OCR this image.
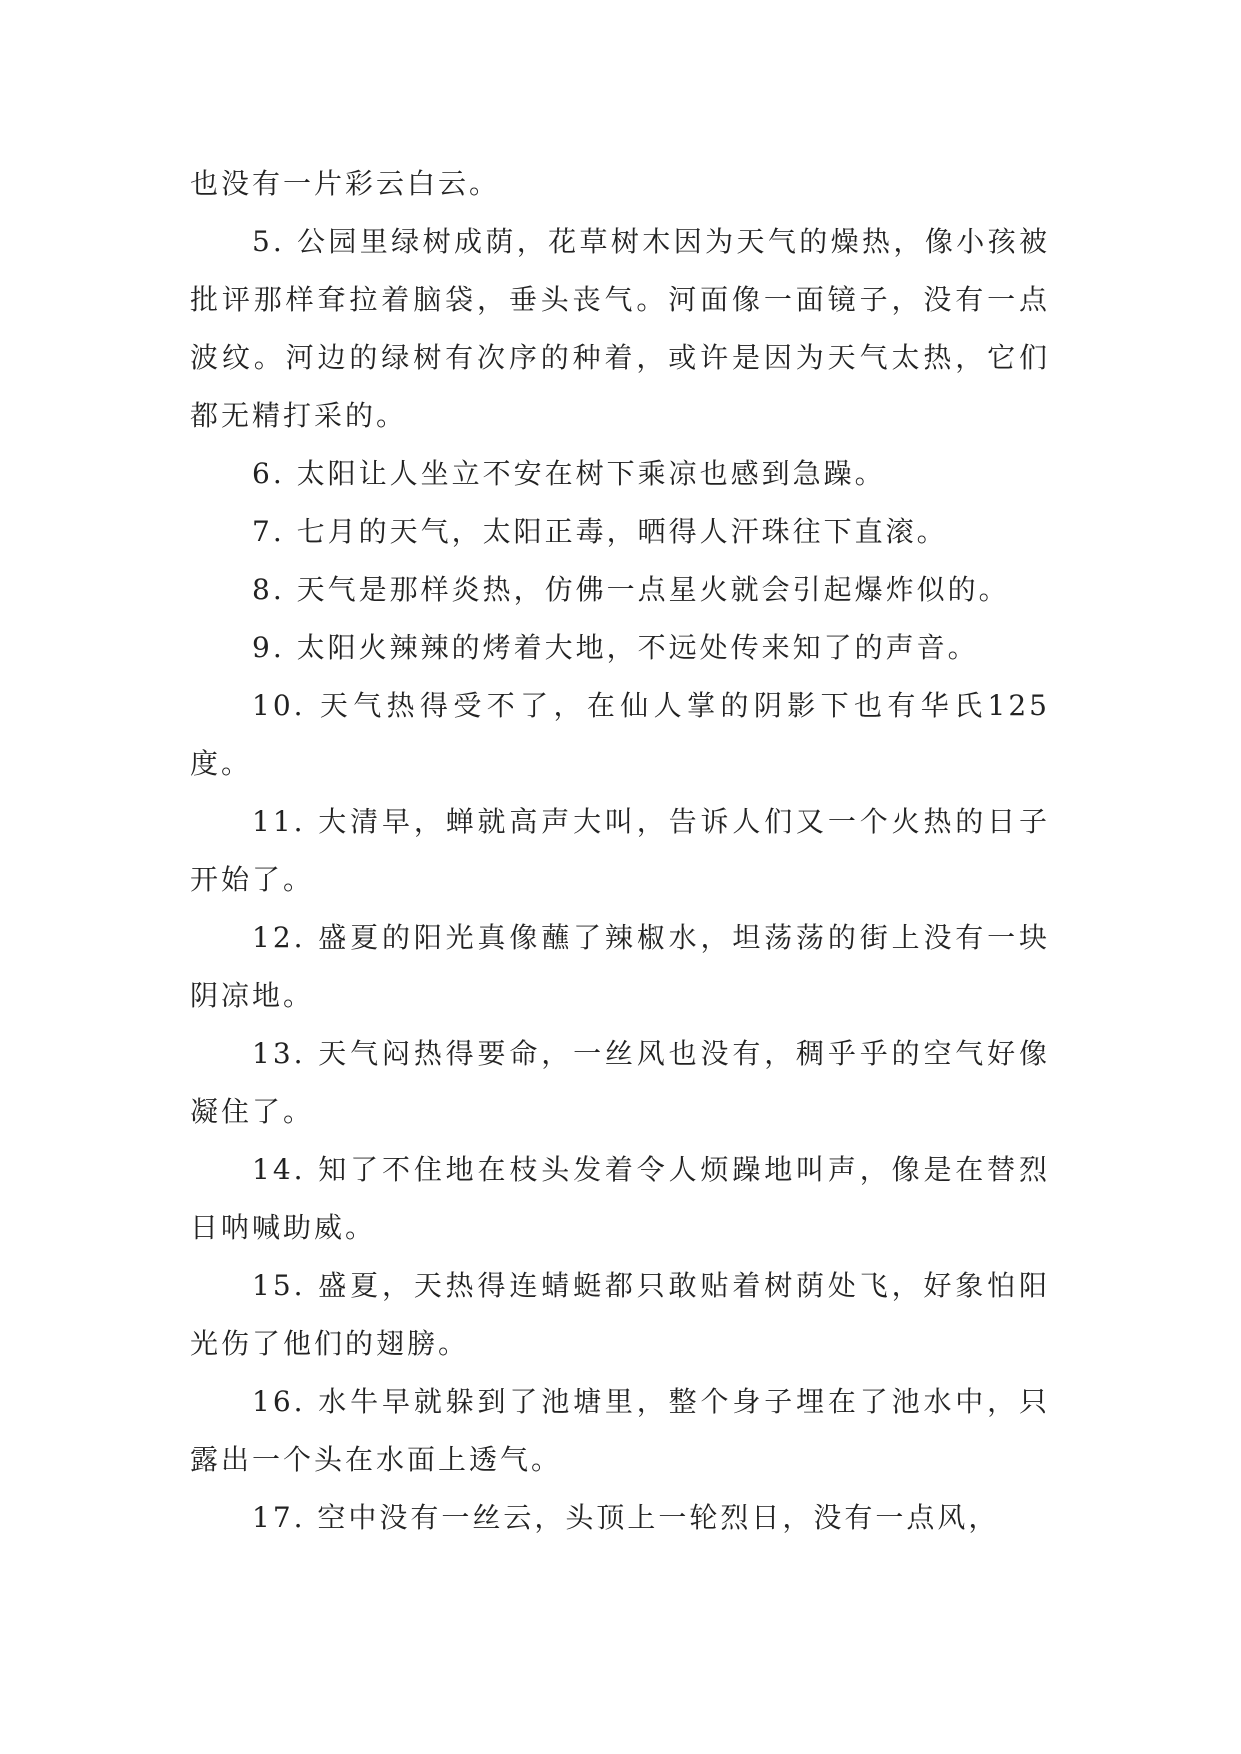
也没有一片彩云白云。

5. 公园里绿树成荫，花草树木因为天气的燥热，像小孩被批评那样耷拉着脑袋，垂头丧气。河面像一面镜子，没有一点波纹。河边的绿树有次序的种着，或许是因为天气太热，它们都无精打采的。

6. 太阳让人坐立不安在树下乘凉也感到急躁。

7. 七月的天气，太阳正毒，晒得人汗珠往下直滚。

8. 天气是那样炎热，仿佛一点星火就会引起爆炸似的。

9. 太阳火辣辣的烤着大地，不远处传来知了的声音。

10. 天气热得受不了，在仙人掌的阴影下也有华氏125度。

11. 大清早，蝉就高声大叫，告诉人们又一个火热的日子开始了。

12. 盛夏的阳光真像蘸了辣椒水，坦荡荡的街上没有一块阴凉地。

13. 天气闷热得要命，一丝风也没有，稠乎乎的空气好像凝住了。

14. 知了不住地在枝头发着令人烦躁地叫声，像是在替烈日呐喊助威。

15. 盛夏，天热得连蜻蜓都只敢贴着树荫处飞，好象怕阳光伤了他们的翅膀。

16. 水牛早就躲到了池塘里，整个身子埋在了池水中，只露出一个头在水面上透气。

17. 空中没有一丝云，头顶上一轮烈日，没有一点风，
